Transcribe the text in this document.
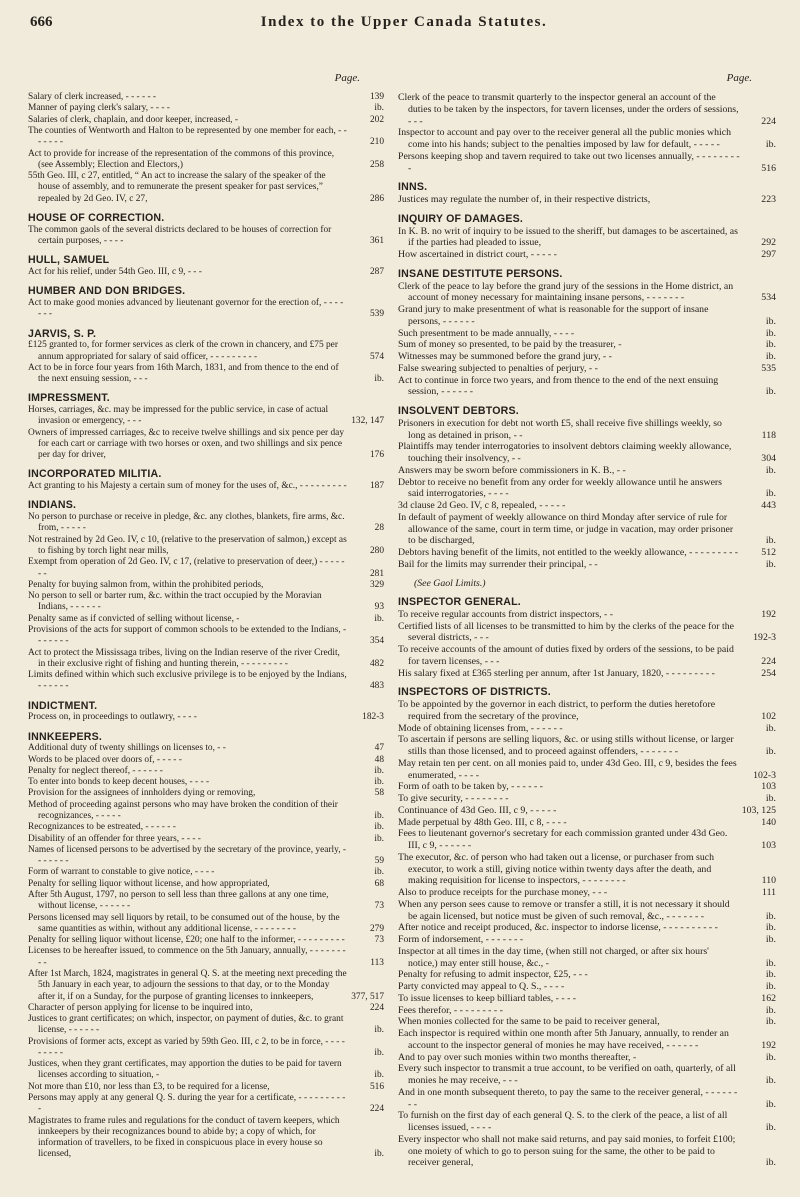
666	Index to the Upper Canada Statutes.
Page.
Salary of clerk increased, - - - - - -	139
Manner of paying clerk's salary, - - - -	ib.
Salaries of clerk, chaplain, and door keeper, increased, -	202
The counties of Wentworth and Halton to be represented by one member for each, - - - - - - -	210
Act to provide for increase of the representation of the commons of this province, (see Assembly; Election and Electors,)	258
55th Geo. III, c 27, entitled, “ An act to increase the salary of the speaker of the house of assembly, and to remunerate the present speaker for past services,” repealed by 2d Geo. IV, c 27,	286
HOUSE OF CORRECTION.
The common gaols of the several districts declared to be houses of correction for certain purposes, - - - -	361
HULL, SAMUEL
Act for his relief, under 54th Geo. III, c 9, - - -	287
HUMBER AND DON BRIDGES.
Act to make good monies advanced by lieutenant governor for the erection of, - - - - - - -	539
JARVIS, S. P.
£125 granted to, for former services as clerk of the crown in chancery, and £75 per annum appropriated for salary of said officer, - - - - - - - - -	574
Act to be in force four years from 16th March, 1831, and from thence to the end of the next ensuing session, - - -	ib.
IMPRESSMENT.
Horses, carriages, &c. may be impressed for the public service, in case of actual invasion or emergency, - - -	132, 147
Owners of impressed carriages, &c to receive twelve shillings and six pence per day for each cart or carriage with two horses or oxen, and two shillings and six pence per day for driver,	176
INCORPORATED MILITIA.
Act granting to his Majesty a certain sum of money for the uses of, &c., - - - - - - - - -	187
INDIANS.
No person to purchase or receive in pledge, &c. any clothes, blankets, fire arms, &c. from, - - - - -	28
Not restrained by 2d Geo. IV, c 10, (relative to the preservation of salmon,) except as to fishing by torch light near mills,	280
Exempt from operation of 2d Geo. IV, c 17, (relative to preservation of deer,) - - - - - - -	281
Penalty for buying salmon from, within the prohibited periods,	329
No person to sell or barter rum, &c. within the tract occupied by the Moravian Indians, - - - - - -	93
Penalty same as if convicted of selling without license, -	ib.
Provisions of the acts for support of common schools to be extended to the Indians, - - - - - - -	354
Act to protect the Mississaga tribes, living on the Indian reserve of the river Credit, in their exclusive right of fishing and hunting therein, - - - - - - - - -	482
Limits defined within which such exclusive privilege is to be enjoyed by the Indians, - - - - - -	483
INDICTMENT.
Process on, in proceedings to outlawry, - - - -	182-3
INNKEEPERS.
Additional duty of twenty shillings on licenses to, - -	47
Words to be placed over doors of, - - - - -	48
Penalty for neglect thereof, - - - - - -	ib.
To enter into bonds to keep decent houses, - - - -	ib.
Provision for the assignees of innholders dying or removing,	58
Method of proceeding against persons who may have broken the condition of their recognizances, - - - - -	ib.
Recognizances to be estreated, - - - - - -	ib.
Disability of an offender for three years, - - - -	ib.
Names of licensed persons to be advertised by the secretary of the province, yearly, - - - - - - -	59
Form of warrant to constable to give notice, - - - -	ib.
Penalty for selling liquor without license, and how appropriated,	68
After 5th August, 1797, no person to sell less than three gallons at any one time, without license, - - - - - -	73
Persons licensed may sell liquors by retail, to be consumed out of the house, by the same quantities as within, without any additional license, - - - - - - - -	279
Penalty for selling liquor without license, £20; one half to the informer, - - - - - - - - -	73
Licenses to be hereafter issued, to commence on the 5th January, annually, - - - - - - - - -	113
After 1st March, 1824, magistrates in general Q. S. at the meeting next preceding the 5th January in each year, to adjourn the sessions to that day, or to the Monday after it, if on a Sunday, for the purpose of granting licenses to innkeepers,	377, 517
Character of person applying for license to be inquired into,	224
Justices to grant certificates; on which, inspector, on payment of duties, &c. to grant license, - - - - - -	ib.
Provisions of former acts, except as varied by 59th Geo. III, c 2, to be in force, - - - - - - - - -	ib.
Justices, when they grant certificates, may apportion the duties to be paid for tavern licenses according to situation, -	ib.
Not more than £10, nor less than £3, to be required for a license,	516
Persons may apply at any general Q. S. during the year for a certificate, - - - - - - - - - -	224
Magistrates to frame rules and regulations for the conduct of tavern keepers, which innkeepers by their recognizances bound to abide by; a copy of which, for information of travellers, to be fixed in conspicuous place in every house so licensed,	ib.
Page.
Clerk of the peace to transmit quarterly to the inspector general an account of the duties to be taken by the inspectors, for tavern licenses, under the orders of sessions, - - -	224
Inspector to account and pay over to the receiver general all the public monies which come into his hands; subject to the penalties imposed by law for default, - - - - -	ib.
Persons keeping shop and tavern required to take out two licenses annually, - - - - - - - - -	516
INNS.
Justices may regulate the number of, in their respective districts,	223
INQUIRY OF DAMAGES.
In K. B. no writ of inquiry to be issued to the sheriff, but damages to be ascertained, as if the parties had pleaded to issue,	292
How ascertained in district court, - - - - -	297
INSANE DESTITUTE PERSONS.
Clerk of the peace to lay before the grand jury of the sessions in the Home district, an account of money necessary for maintaining insane persons, - - - - - - -	534
Grand jury to make presentment of what is reasonable for the support of insane persons, - - - - - -	ib.
Such presentment to be made annually, - - - -	ib.
Sum of money so presented, to be paid by the treasurer, -	ib.
Witnesses may be summoned before the grand jury, - -	ib.
False swearing subjected to penalties of perjury, - -	535
Act to continue in force two years, and from thence to the end of the next ensuing session, - - - - - -	ib.
INSOLVENT DEBTORS.
Prisoners in execution for debt not worth £5, shall receive five shillings weekly, so long as detained in prison, - -	118
Plaintiffs may tender interrogatories to insolvent debtors claiming weekly allowance, touching their insolvency, - -	304
Answers may be sworn before commissioners in K. B., - -	ib.
Debtor to receive no benefit from any order for weekly allowance until he answers said interrogatories, - - - -	ib.
3d clause 2d Geo. IV, c 8, repealed, - - - - -	443
In default of payment of weekly allowance on third Monday after service of rule for allowance of the same, court in term time, or judge in vacation, may order prisoner to be discharged,	ib.
Debtors having benefit of the limits, not entitled to the weekly allowance, - - - - - - - - -	512
Bail for the limits may surrender their principal, - -	ib.
(See Gaol Limits.)
INSPECTOR GENERAL.
To receive regular accounts from district inspectors, - -	192
Certified lists of all licenses to be transmitted to him by the clerks of the peace for the several districts, - - -	192-3
To receive accounts of the amount of duties fixed by orders of the sessions, to be paid for tavern licenses, - - -	224
His salary fixed at £365 sterling per annum, after 1st January, 1820, - - - - - - - - -	254
INSPECTORS OF DISTRICTS.
To be appointed by the governor in each district, to perform the duties heretofore required from the secretary of the province,	102
Mode of obtaining licenses from, - - - - - -	ib.
To ascertain if persons are selling liquors, &c. or using stills without license, or larger stills than those licensed, and to proceed against offenders, - - - - - - -	ib.
May retain ten per cent. on all monies paid to, under 43d Geo. III, c 9, besides the fees enumerated, - - - -	102-3
Form of oath to be taken by, - - - - - -	103
To give security, - - - - - - - -	ib.
Continuance of 43d Geo. III, c 9, - - - - -	103, 125
Made perpetual by 48th Geo. III, c 8, - - - -	140
Fees to lieutenant governor's secretary for each commission granted under 43d Geo. III, c 9, - - - - - -	103
The executor, &c. of person who had taken out a license, or purchaser from such executor, to work a still, giving notice within twenty days after the death, and making requisition for license to inspectors, - - - - - - - -	110
Also to produce receipts for the purchase money, - - -	111
When any person sees cause to remove or transfer a still, it is not necessary it should be again licensed, but notice must be given of such removal, &c., - - - - - - -	ib.
After notice and receipt produced, &c. inspector to indorse license, - - - - - - - - - -	ib.
Form of indorsement, - - - - - - -	ib.
Inspector at all times in the day time, (when still not charged, or after six hours' notice,) may enter still house, &c., -	ib.
Penalty for refusing to admit inspector, £25, - - -	ib.
Party convicted may appeal to Q. S., - - - -	ib.
To issue licenses to keep billiard tables, - - - -	162
Fees therefor, - - - - - - - - -	ib.
When monies collected for the same to be paid to receiver general,	ib.
Each inspector is required within one month after 5th January, annually, to render an account to the inspector general of monies he may have received, - - - - - -	192
And to pay over such monies within two months thereafter, -	ib.
Every such inspector to transmit a true account, to be verified on oath, quarterly, of all monies he may receive, - - -	ib.
And in one month subsequent thereto, to pay the same to the receiver general, - - - - - - - -	ib.
To furnish on the first day of each general Q. S. to the clerk of the peace, a list of all licenses issued, - - - -	ib.
Every inspector who shall not make said returns, and pay said monies, to forfeit £100; one moiety of which to go to person suing for the same, the other to be paid to receiver general,	ib.
